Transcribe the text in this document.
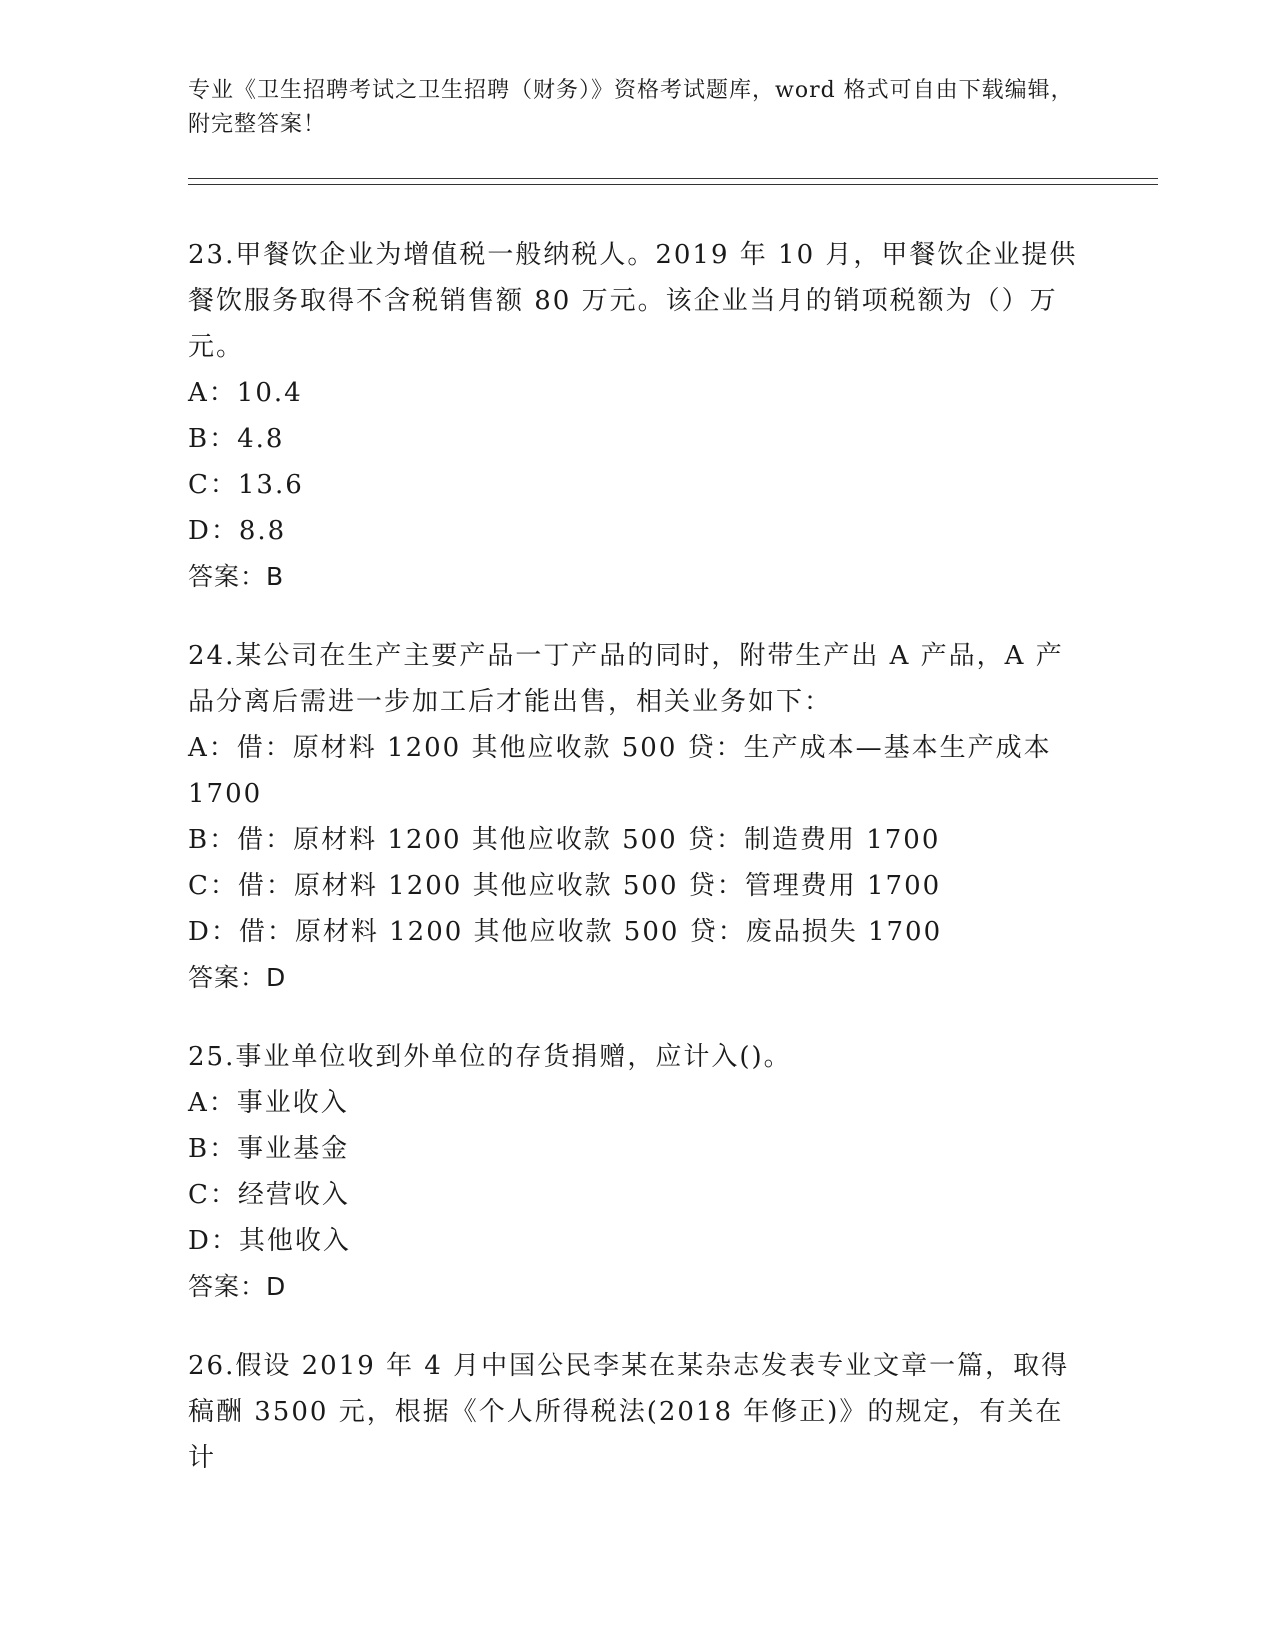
专业《卫生招聘考试之卫生招聘（财务）》资格考试题库，word 格式可自由下载编辑，附完整答案！
23.甲餐饮企业为增值税一般纳税人。2019 年 10 月，甲餐饮企业提供餐饮服务取得不含税销售额 80 万元。该企业当月的销项税额为（）万元。
A：10.4
B：4.8
C：13.6
D：8.8
答案：B
24.某公司在生产主要产品一丁产品的同时，附带生产出 A 产品，A 产品分离后需进一步加工后才能出售，相关业务如下：
A：借：原材料 1200 其他应收款 500 贷：生产成本—基本生产成本 1700
B：借：原材料 1200 其他应收款 500 贷：制造费用 1700
C：借：原材料 1200 其他应收款 500 贷：管理费用 1700
D：借：原材料 1200 其他应收款 500 贷：废品损失 1700
答案：D
25.事业单位收到外单位的存货捐赠，应计入()。
A：事业收入
B：事业基金
C：经营收入
D：其他收入
答案：D
26.假设 2019 年 4 月中国公民李某在某杂志发表专业文章一篇，取得稿酬 3500 元，根据《个人所得税法(2018 年修正)》的规定，有关在计
